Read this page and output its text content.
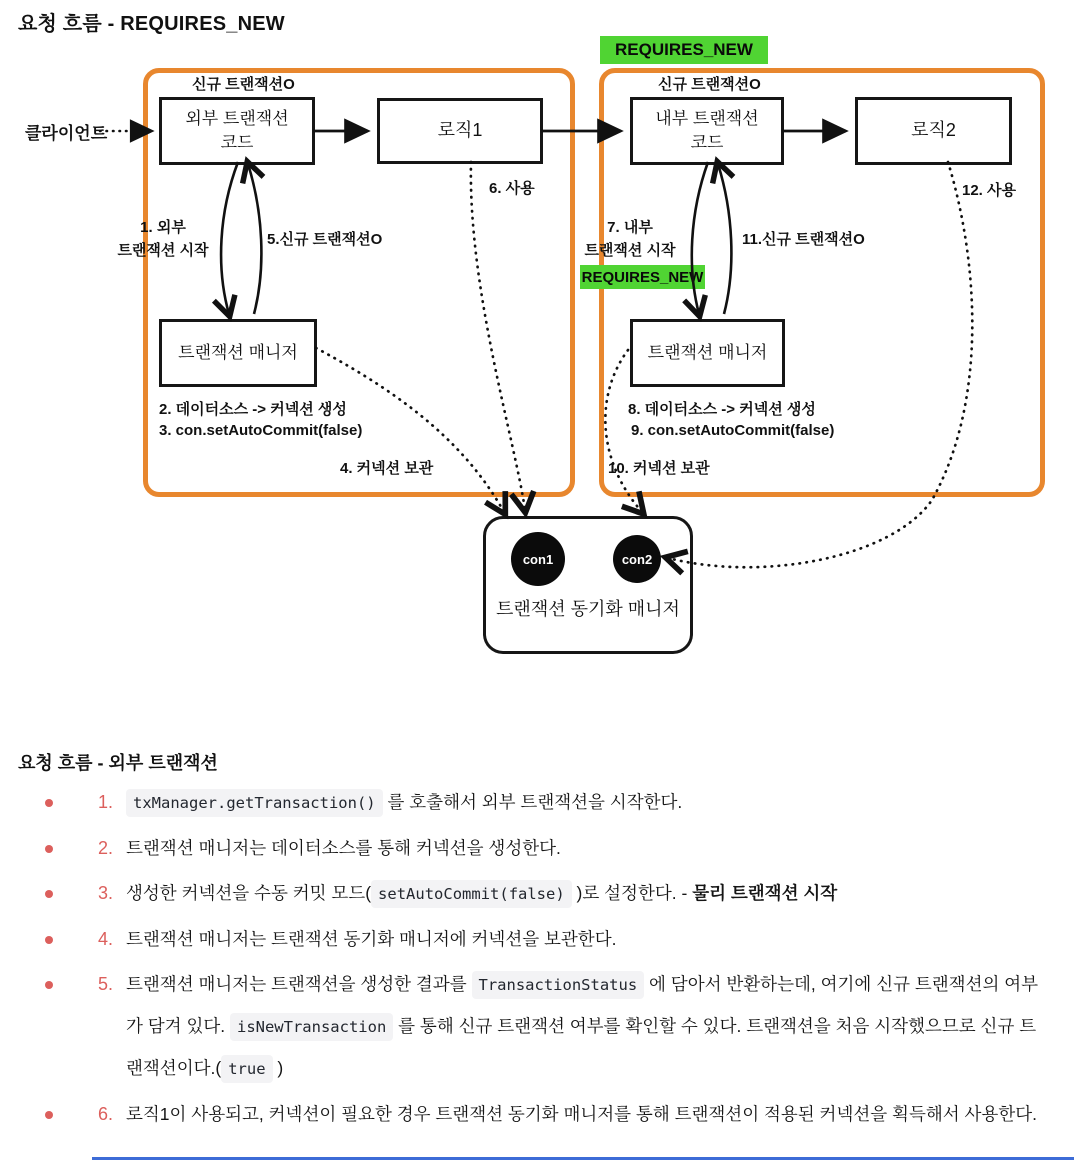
요청 흐름 - REQUIRES_NEW
REQUIRES_NEW
신규 트랜잭션O	신규 트랜잭션O
클라이언트
외부 트랜잭션
코드
로직1
내부 트랜잭션
코드
로직2
트랜잭션 매니저	트랜잭션 매니저
1. 외부
트랜잭션 시작
5.신규 트랜잭션O
6. 사용
2. 데이터소스 -> 커넥션 생성
3. con.setAutoCommit(false)
4. 커넥션 보관
7. 내부
트랜잭션 시작
REQUIRES_NEW
11.신규 트랜잭션O
12. 사용
8. 데이터소스 -> 커넥션 생성
9. con.setAutoCommit(false)
10. 커넥션 보관
con1	con2
트랜잭션 동기화 매니저
요청 흐름 - 외부 트랜잭션
1.	txManager.getTransaction() 를 호출해서 외부 트랜잭션을 시작한다.
2. 트랜잭션 매니저는 데이터소스를 통해 커넥션을 생성한다.
3. 생성한 커넥션을 수동 커밋 모드( setAutoCommit(false) )로 설정한다. - 물리 트랜잭션 시작
4. 트랜잭션 매니저는 트랜잭션 동기화 매니저에 커넥션을 보관한다.
5. 트랜잭션 매니저는 트랜잭션을 생성한 결과를 TransactionStatus 에 담아서 반환하는데, 여기에 신규 트랜잭션의 여부가 담겨 있다. isNewTransaction 를 통해 신규 트랜잭션 여부를 확인할 수 있다. 트랜잭션을 처음 시작했으므로 신규 트랜잭션이다.( true )
6. 로직1이 사용되고, 커넥션이 필요한 경우 트랜잭션 동기화 매니저를 통해 트랜잭션이 적용된 커넥션을 획득해서 사용한다.
